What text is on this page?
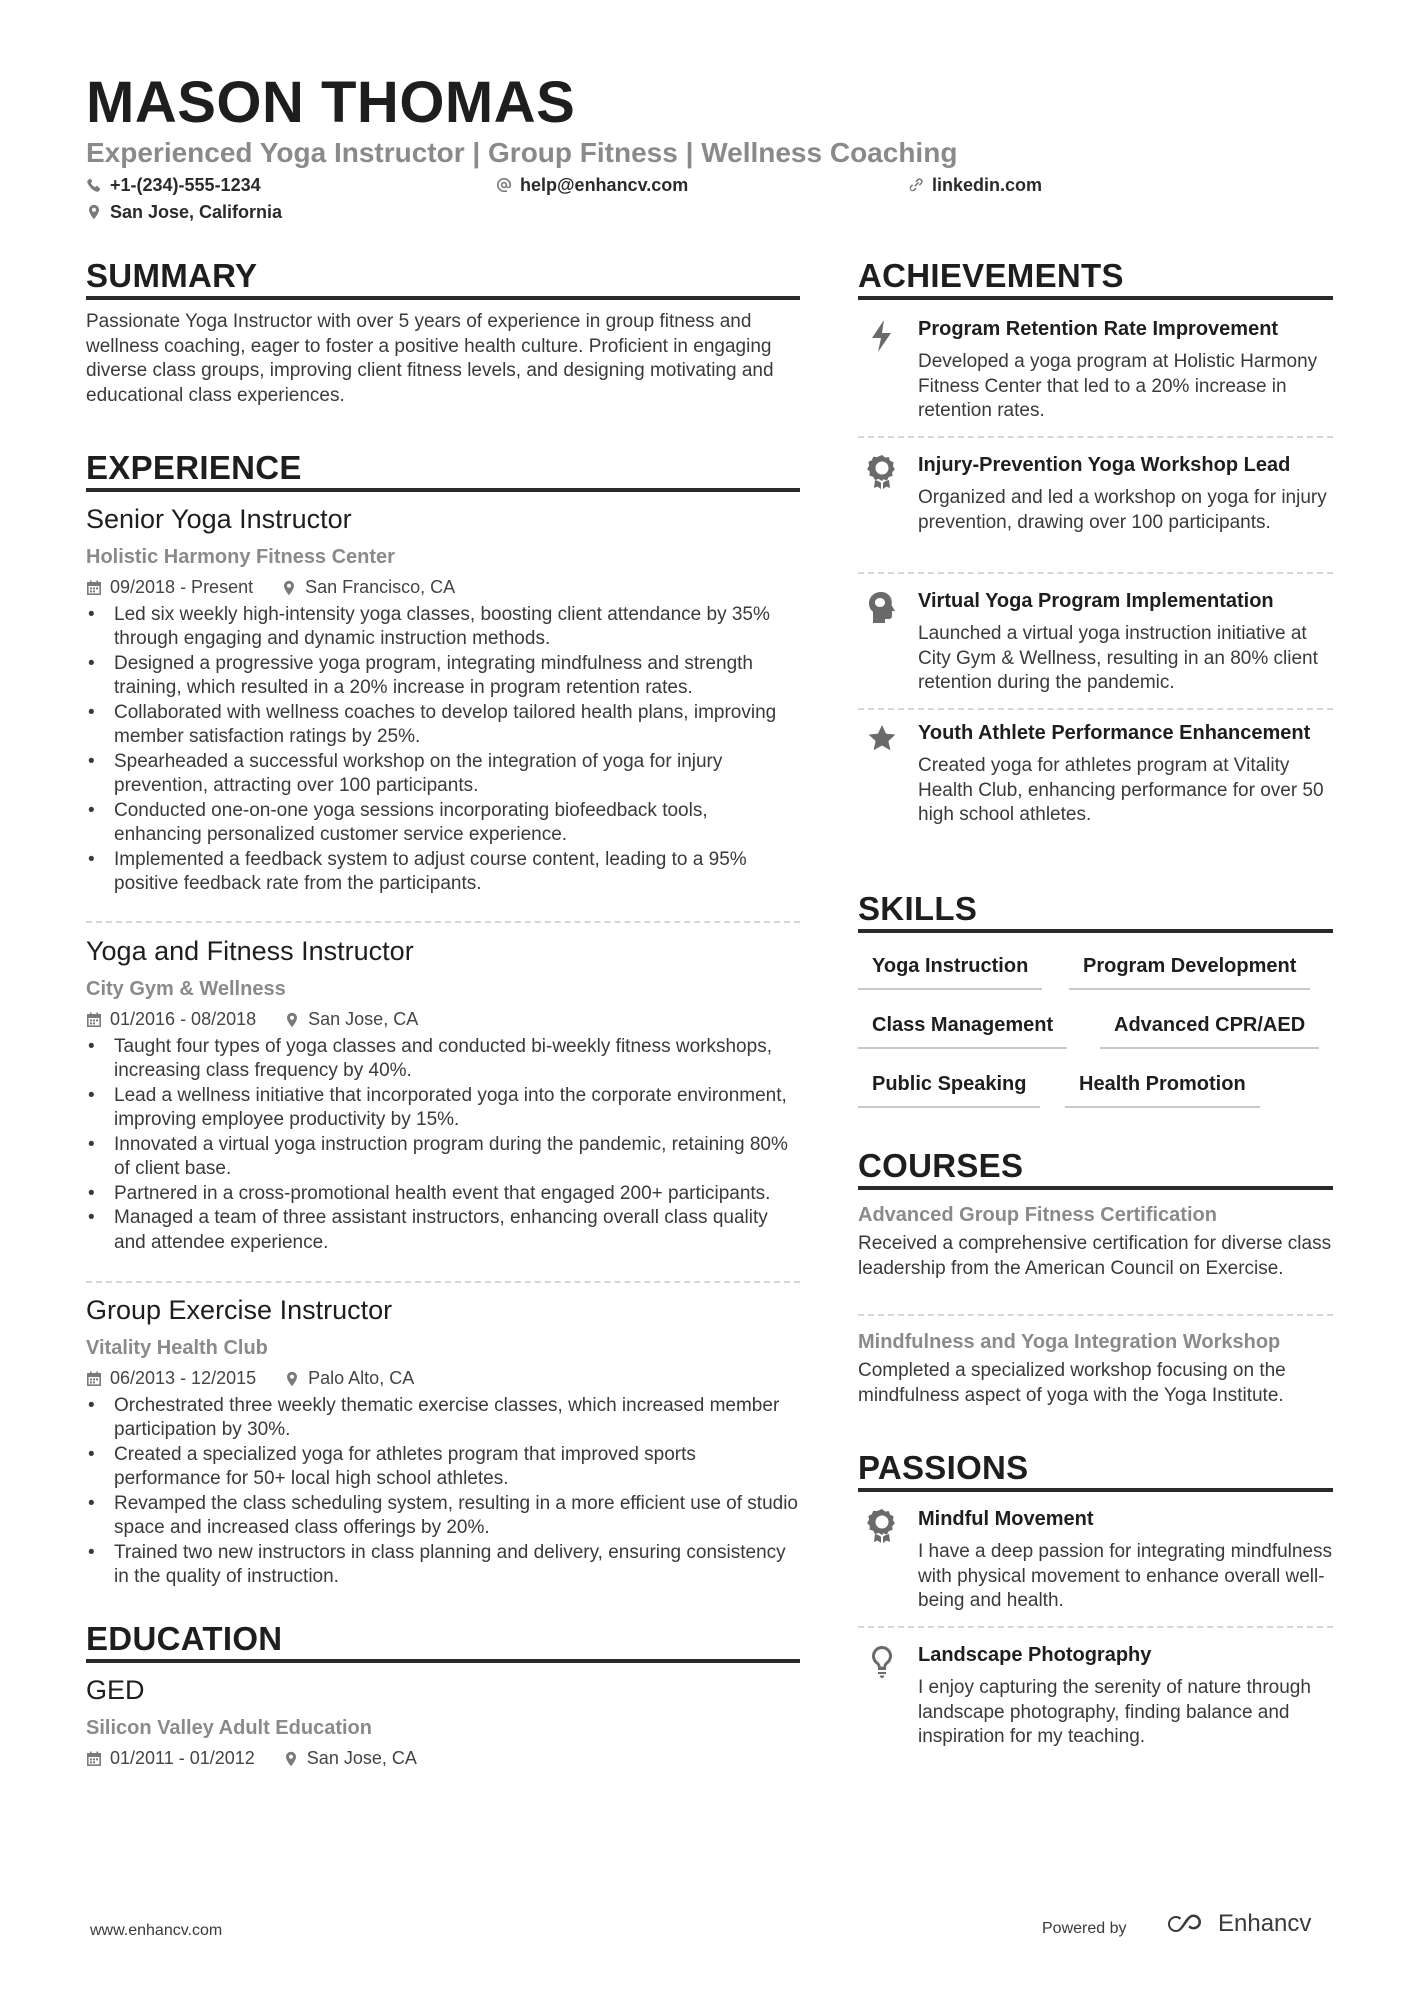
MASON THOMAS
Experienced Yoga Instructor | Group Fitness | Wellness Coaching
+1-(234)-555-1234	help@enhancv.com	linkedin.com
San Jose, California
SUMMARY
Passionate Yoga Instructor with over 5 years of experience in group fitness and wellness coaching, eager to foster a positive health culture. Proficient in engaging diverse class groups, improving client fitness levels, and designing motivating and educational class experiences.
EXPERIENCE
Senior Yoga Instructor
Holistic Harmony Fitness Center
09/2018 - Present	San Francisco, CA
• Led six weekly high-intensity yoga classes, boosting client attendance by 35% through engaging and dynamic instruction methods.
• Designed a progressive yoga program, integrating mindfulness and strength training, which resulted in a 20% increase in program retention rates.
• Collaborated with wellness coaches to develop tailored health plans, improving member satisfaction ratings by 25%.
• Spearheaded a successful workshop on the integration of yoga for injury prevention, attracting over 100 participants.
• Conducted one-on-one yoga sessions incorporating biofeedback tools, enhancing personalized customer service experience.
• Implemented a feedback system to adjust course content, leading to a 95% positive feedback rate from the participants.
Yoga and Fitness Instructor
City Gym & Wellness
01/2016 - 08/2018	San Jose, CA
• Taught four types of yoga classes and conducted bi-weekly fitness workshops, increasing class frequency by 40%.
• Lead a wellness initiative that incorporated yoga into the corporate environment, improving employee productivity by 15%.
• Innovated a virtual yoga instruction program during the pandemic, retaining 80% of client base.
• Partnered in a cross-promotional health event that engaged 200+ participants.
• Managed a team of three assistant instructors, enhancing overall class quality and attendee experience.
Group Exercise Instructor
Vitality Health Club
06/2013 - 12/2015	Palo Alto, CA
• Orchestrated three weekly thematic exercise classes, which increased member participation by 30%.
• Created a specialized yoga for athletes program that improved sports performance for 50+ local high school athletes.
• Revamped the class scheduling system, resulting in a more efficient use of studio space and increased class offerings by 20%.
• Trained two new instructors in class planning and delivery, ensuring consistency in the quality of instruction.
EDUCATION
GED
Silicon Valley Adult Education
01/2011 - 01/2012	San Jose, CA
ACHIEVEMENTS
Program Retention Rate Improvement
Developed a yoga program at Holistic Harmony Fitness Center that led to a 20% increase in retention rates.
Injury-Prevention Yoga Workshop Lead
Organized and led a workshop on yoga for injury prevention, drawing over 100 participants.
Virtual Yoga Program Implementation
Launched a virtual yoga instruction initiative at City Gym & Wellness, resulting in an 80% client retention during the pandemic.
Youth Athlete Performance Enhancement
Created yoga for athletes program at Vitality Health Club, enhancing performance for over 50 high school athletes.
SKILLS
Yoga Instruction	Program Development
Class Management	Advanced CPR/AED
Public Speaking	Health Promotion
COURSES
Advanced Group Fitness Certification
Received a comprehensive certification for diverse class leadership from the American Council on Exercise.
Mindfulness and Yoga Integration Workshop
Completed a specialized workshop focusing on the mindfulness aspect of yoga with the Yoga Institute.
PASSIONS
Mindful Movement
I have a deep passion for integrating mindfulness with physical movement to enhance overall well-being and health.
Landscape Photography
I enjoy capturing the serenity of nature through landscape photography, finding balance and inspiration for my teaching.
www.enhancv.com	Powered by	Enhancv
